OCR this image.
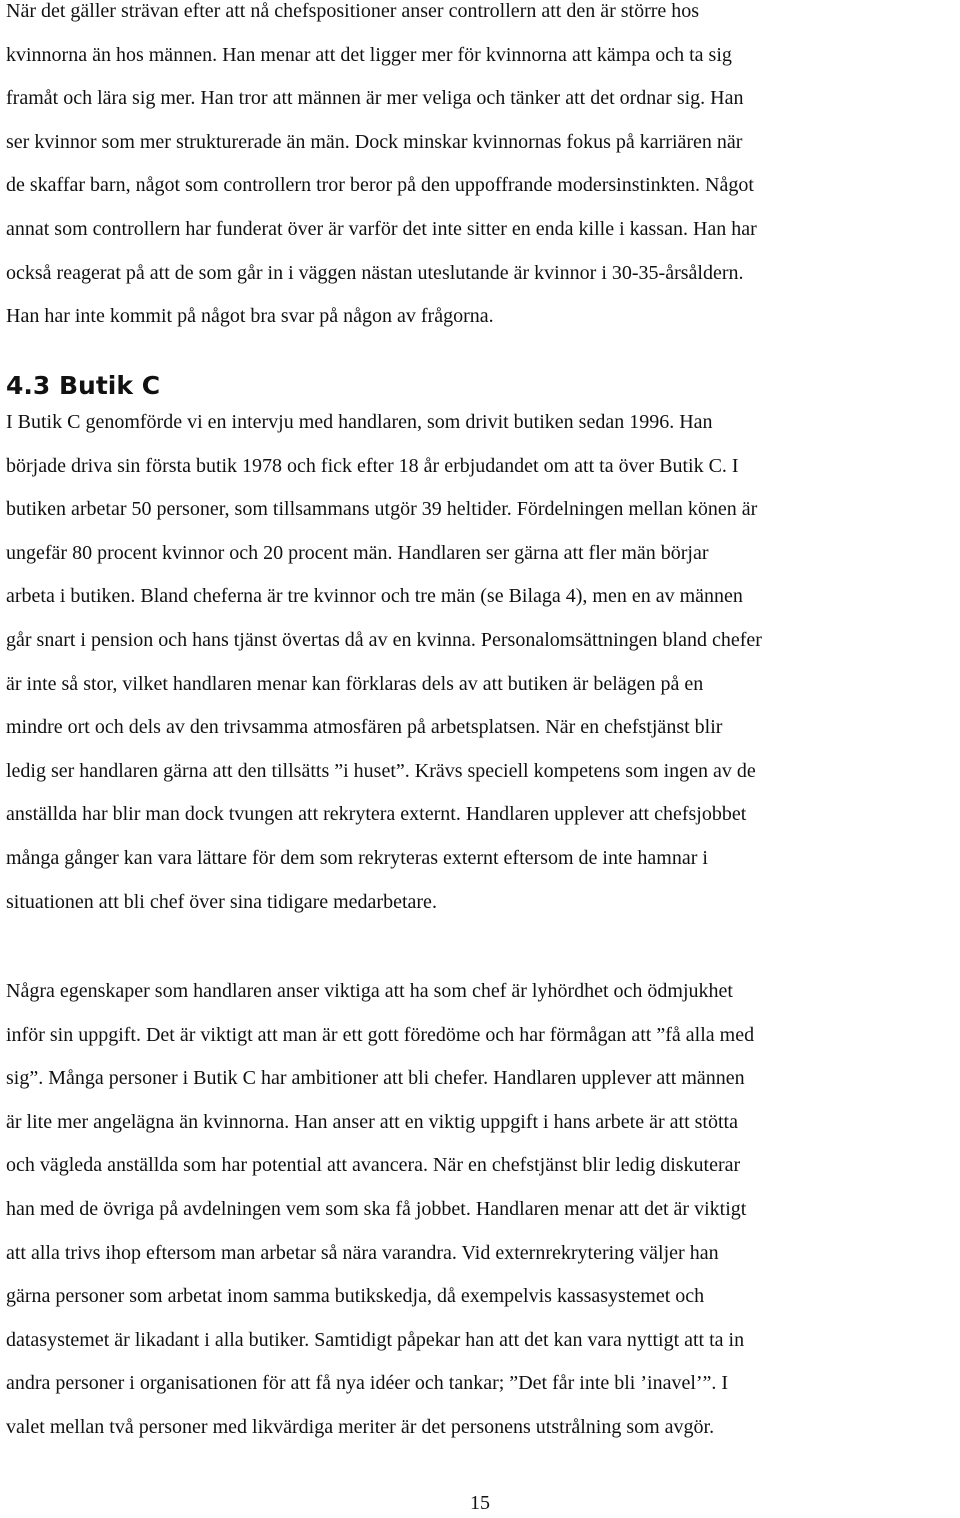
När det gäller strävan efter att nå chefspositioner anser controllern att den är större hos
kvinnorna än hos männen. Han menar att det ligger mer för kvinnorna att kämpa och ta sig
framåt och lära sig mer. Han tror att männen är mer veliga och tänker att det ordnar sig. Han
ser kvinnor som mer strukturerade än män. Dock minskar kvinnornas fokus på karriären när
de skaffar barn, något som controllern tror beror på den uppoffrande modersinstinkten. Något
annat som controllern har funderat över är varför det inte sitter en enda kille i kassan. Han har
också reagerat på att de som går in i väggen nästan uteslutande är kvinnor i 30-35-årsåldern.
Han har inte kommit på något bra svar på någon av frågorna.
4.3 Butik C
I Butik C genomförde vi en intervju med handlaren, som drivit butiken sedan 1996. Han
började driva sin första butik 1978 och fick efter 18 år erbjudandet om att ta över Butik C. I
butiken arbetar 50 personer, som tillsammans utgör 39 heltider. Fördelningen mellan könen är
ungefär 80 procent kvinnor och 20 procent män. Handlaren ser gärna att fler män börjar
arbeta i butiken. Bland cheferna är tre kvinnor och tre män (se Bilaga 4), men en av männen
går snart i pension och hans tjänst övertas då av en kvinna. Personalomsättningen bland chefer
är inte så stor, vilket handlaren menar kan förklaras dels av att butiken är belägen på en
mindre ort och dels av den trivsamma atmosfären på arbetsplatsen. När en chefstjänst blir
ledig ser handlaren gärna att den tillsätts ”i huset”. Krävs speciell kompetens som ingen av de
anställda har blir man dock tvungen att rekrytera externt. Handlaren upplever att chefsjobbet
många gånger kan vara lättare för dem som rekryteras externt eftersom de inte hamnar i
situationen att bli chef över sina tidigare medarbetare.
Några egenskaper som handlaren anser viktiga att ha som chef är lyhördhet och ödmjukhet
inför sin uppgift. Det är viktigt att man är ett gott föredöme och har förmågan att ”få alla med
sig”. Många personer i Butik C har ambitioner att bli chefer. Handlaren upplever att männen
är lite mer angelägna än kvinnorna. Han anser att en viktig uppgift i hans arbete är att stötta
och vägleda anställda som har potential att avancera. När en chefstjänst blir ledig diskuterar
han med de övriga på avdelningen vem som ska få jobbet. Handlaren menar att det är viktigt
att alla trivs ihop eftersom man arbetar så nära varandra. Vid externrekrytering väljer han
gärna personer som arbetat inom samma butikskedja, då exempelvis kassasystemet och
datasystemet är likadant i alla butiker. Samtidigt påpekar han att det kan vara nyttigt att ta in
andra personer i organisationen för att få nya idéer och tankar; ”Det får inte bli ’inavel’”. I
valet mellan två personer med likvärdiga meriter är det personens utstrålning som avgör.
15
